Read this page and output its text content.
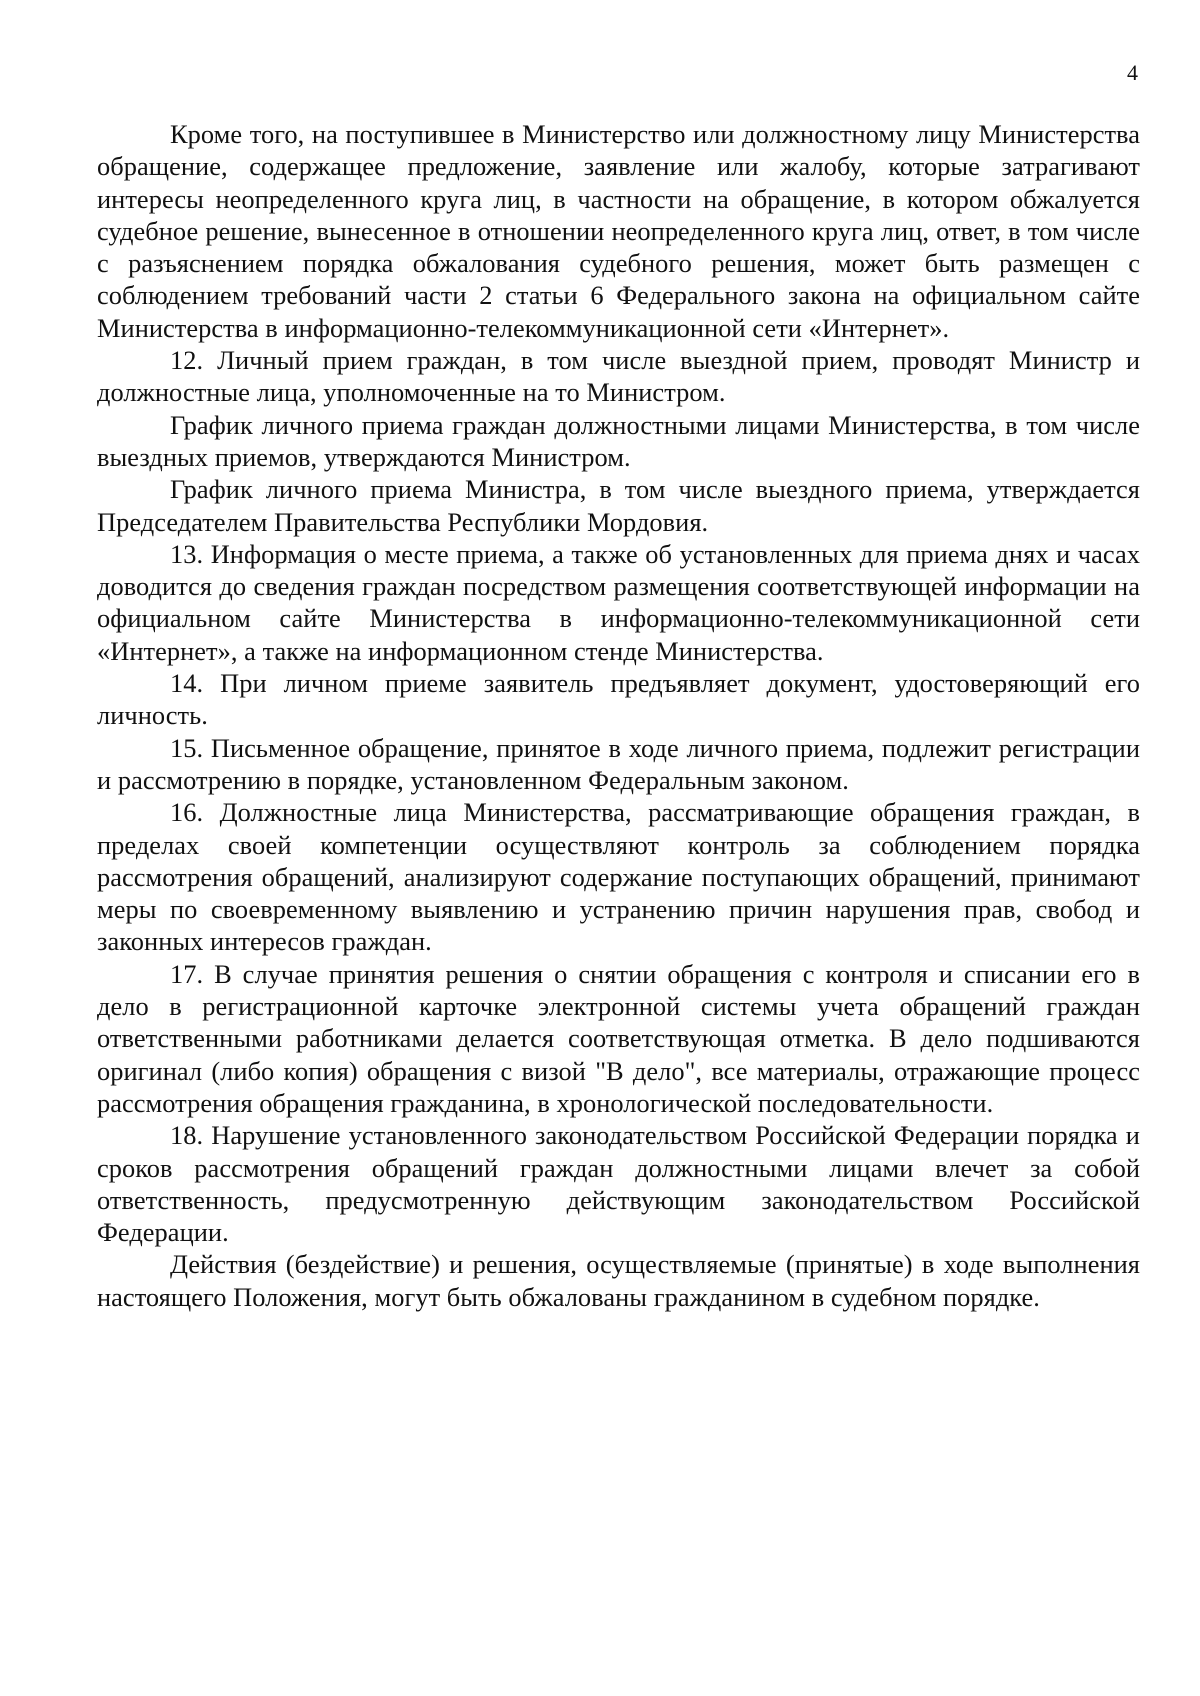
4

Кроме того, на поступившее в Министерство или должностному лицу Министерства обращение, содержащее предложение, заявление или жалобу, которые затрагивают интересы неопределенного круга лиц, в частности на обращение, в котором обжалуется судебное решение, вынесенное в отношении неопределенного круга лиц, ответ, в том числе с разъяснением порядка обжалования судебного решения, может быть размещен с соблюдением требований части 2 статьи 6 Федерального закона на официальном сайте Министерства в информационно-телекоммуникационной сети «Интернет».

12. Личный прием граждан, в том числе выездной прием, проводят Министр и должностные лица, уполномоченные на то Министром.

График личного приема граждан должностными лицами Министерства, в том числе выездных приемов, утверждаются Министром.

График личного приема Министра, в том числе выездного приема, утверждается Председателем Правительства Республики Мордовия.

13. Информация о месте приема, а также об установленных для приема днях и часах доводится до сведения граждан посредством размещения соответствующей информации на официальном сайте Министерства в информационно-телекоммуникационной сети «Интернет», а также на информационном стенде Министерства.

14. При личном приеме заявитель предъявляет документ, удостоверяющий его личность.

15. Письменное обращение, принятое в ходе личного приема, подлежит регистрации и рассмотрению в порядке, установленном Федеральным законом.

16. Должностные лица Министерства, рассматривающие обращения граждан, в пределах своей компетенции осуществляют контроль за соблюдением порядка рассмотрения обращений, анализируют содержание поступающих обращений, принимают меры по своевременному выявлению и устранению причин нарушения прав, свобод и законных интересов граждан.

17. В случае принятия решения о снятии обращения с контроля и списании его в дело в регистрационной карточке электронной системы учета обращений граждан ответственными работниками делается соответствующая отметка. В дело подшиваются оригинал (либо копия) обращения с визой "В дело", все материалы, отражающие процесс рассмотрения обращения гражданина, в хронологической последовательности.

18. Нарушение установленного законодательством Российской Федерации порядка и сроков рассмотрения обращений граждан должностными лицами влечет за собой ответственность, предусмотренную действующим законодательством Российской Федерации.

Действия (бездействие) и решения, осуществляемые (принятые) в ходе выполнения настоящего Положения, могут быть обжалованы гражданином в судебном порядке.
